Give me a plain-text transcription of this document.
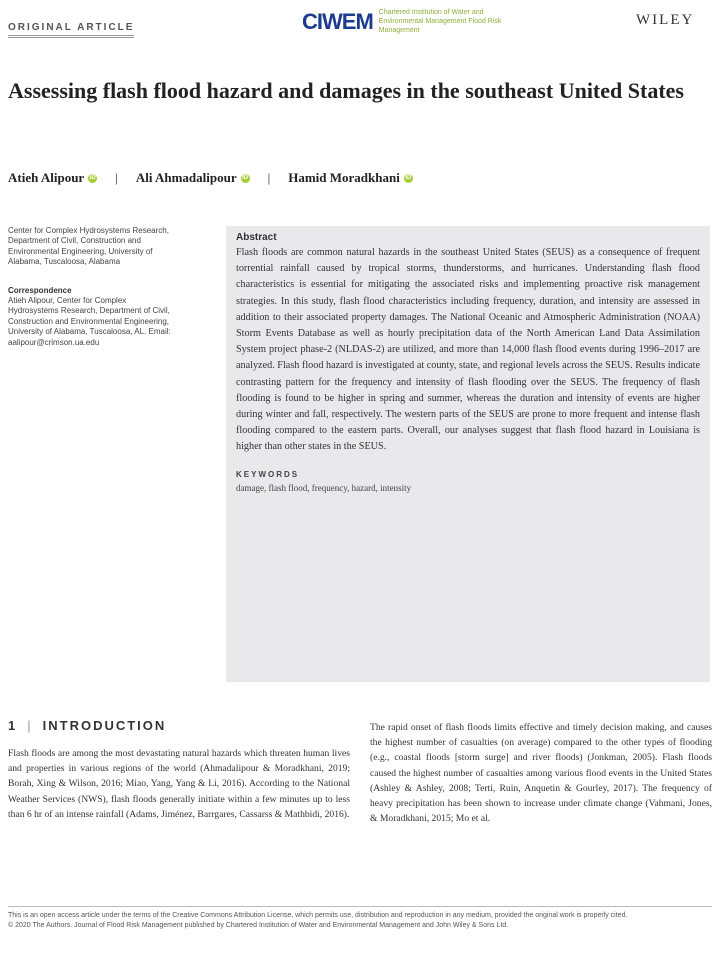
ORIGINAL ARTICLE	CIWEM Chartered Institution of Water and Environmental Management Flood Risk Management
WILEY
Assessing flash flood hazard and damages in the southeast United States
Atieh Alipour iD | Ali Ahmadalipour iD | Hamid Moradkhani iD
Center for Complex Hydrosystems Research, Department of Civil, Construction and Environmental Engineering, University of Alabama, Tuscaloosa, Alabama
Correspondence
Atieh Alipour, Center for Complex Hydrosystems Research, Department of Civil, Construction and Environmental Engineering, University of Alabama, Tuscaloosa, AL. Email: aalipour@crimson.ua.edu
Abstract
Flash floods are common natural hazards in the southeast United States (SEUS) as a consequence of frequent torrential rainfall caused by tropical storms, thunderstorms, and hurricanes. Understanding flash flood characteristics is essential for mitigating the associated risks and implementing proactive risk management strategies. In this study, flash flood characteristics including frequency, duration, and intensity are assessed in addition to their associated property damages. The National Oceanic and Atmospheric Administration (NOAA) Storm Events Database as well as hourly precipitation data of the North American Land Data Assimilation System project phase-2 (NLDAS-2) are utilized, and more than 14,000 flash flood events during 1996–2017 are analyzed. Flash flood hazard is investigated at county, state, and regional levels across the SEUS. Results indicate contrasting pattern for the frequency and intensity of flash flooding over the SEUS. The frequency of flash flooding is found to be higher in spring and summer, whereas the duration and intensity of events are higher during winter and fall, respectively. The western parts of the SEUS are prone to more frequent and intense flash flooding compared to the eastern parts. Overall, our analyses suggest that flash flood hazard in Louisiana is higher than other states in the SEUS.
KEYWORDS
damage, flash flood, frequency, hazard, intensity
1 | INTRODUCTION
Flash floods are among the most devastating natural hazards which threaten human lives and properties in various regions of the world (Ahmadalipour & Moradkhani, 2019; Borah, Xing & Wilson, 2016; Miao, Yang, Yang & Li, 2016). According to the National Weather Services (NWS), flash floods generally initiate within a few minutes up to less than 6 hr of an intense rainfall (Adams, Jiménez, Barrgares, Cassarss & Mathbidi, 2016).
The rapid onset of flash floods limits effective and timely decision making, and causes the highest number of casualties (on average) compared to the other types of flooding (e.g., coastal floods [storm surge] and river floods) (Jonkman, 2005). Flash floods caused the highest number of casualties among various flood events in the United States (Ashley & Ashley, 2008; Terti, Ruin, Anquetin & Gourley, 2017). The frequency of heavy precipitation has been shown to increase under climate change (Vahmani, Jones, & Moradkhani, 2015; Mo et al.
This is an open access article under the terms of the Creative Commons Attribution License, which permits use, distribution and reproduction in any medium, provided the original work is properly cited.
© 2020 The Authors. Journal of Flood Risk Management published by Chartered Institution of Water and Environmental Management and John Wiley & Sons Ltd.
